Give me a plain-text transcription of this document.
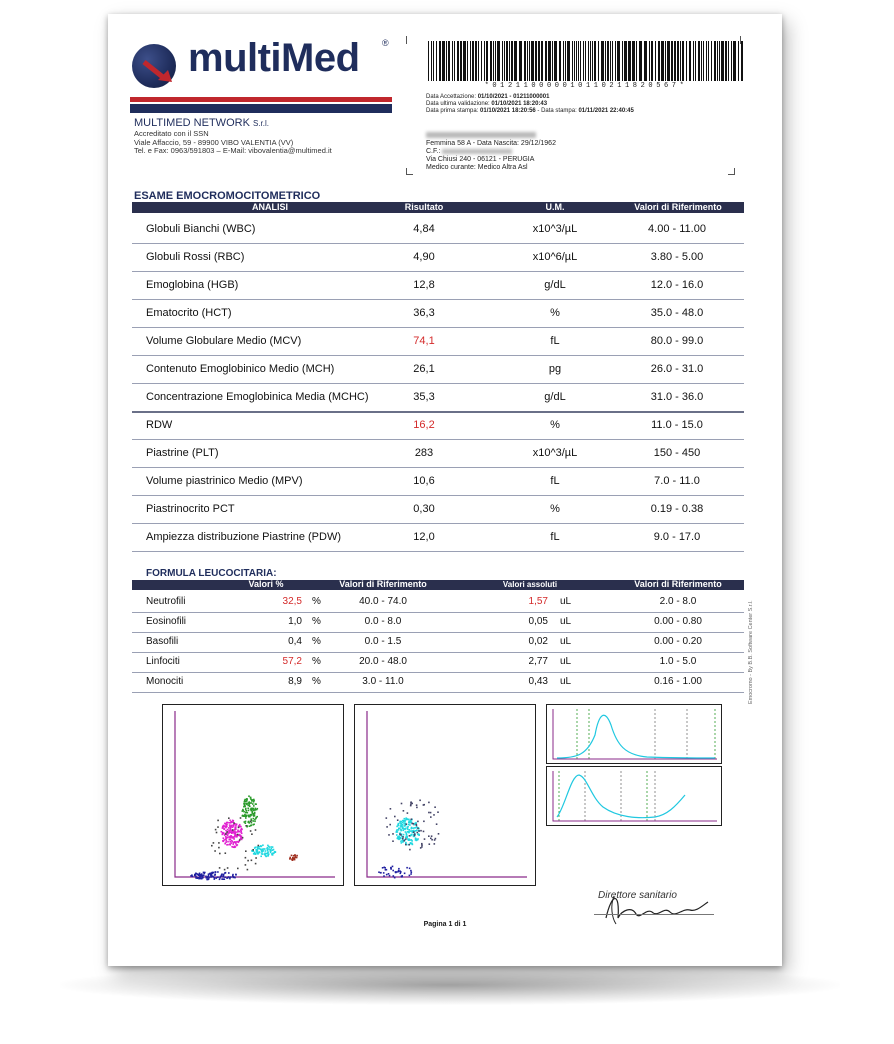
multiMed ®
MULTIMED NETWORK S.r.l.
Accreditato con il SSN
Viale Affaccio, 59 - 89900 VIBO VALENTIA (VV)
Tel. e Fax: 0963/591803 – E-Mail: vibovalentia@multimed.it
*012110000010110211820567*
Data Accettazione: 01/10/2021 - 01211000001
Data ultima validazione: 01/10/2021 18:20:43
Data prima stampa: 01/10/2021 18:20:56 - Data stampa: 01/11/2021 22:40:45
Femmina 58 A - Data Nascita: 29/12/1962
C.F.:
Via Chiusi 240 - 06121 - PERUGIA
Medico curante: Medico Altra Asl
ESAME EMOCROMOCITOMETRICO
ANALISI	Risultato	U.M.	Valori di Riferimento
Globuli Bianchi (WBC)	4,84	x10^3/µL	4.00 - 11.00
Globuli Rossi (RBC)	4,90	x10^6/µL	3.80 - 5.00
Emoglobina (HGB)	12,8	g/dL	12.0 - 16.0
Ematocrito (HCT)	36,3	%	35.0 - 48.0
Volume Globulare Medio (MCV)	74,1	fL	80.0 - 99.0
Contenuto Emoglobinico Medio (MCH)	26,1	pg	26.0 - 31.0
Concentrazione Emoglobinica Media (MCHC)	35,3	g/dL	31.0 - 36.0
RDW	16,2	%	11.0 - 15.0
Piastrine (PLT)	283	x10^3/µL	150 - 450
Volume piastrinico Medio (MPV)	10,6	fL	7.0 - 11.0
Piastrinocrito PCT	0,30	%	0.19 - 0.38
Ampiezza distribuzione Piastrine (PDW)	12,0	fL	9.0 - 17.0
FORMULA LEUCOCITARIA:
Valori %	Valori di Riferimento	Valori assoluti	Valori di Riferimento
Neutrofili	32,5 %	40.0 - 74.0	1,57 uL	2.0 - 8.0
Eosinofili	1,0 %	0.0 - 8.0	0,05 uL	0.00 - 0.80
Basofili	0,4 %	0.0 - 1.5	0,02 uL	0.00 - 0.20
Linfociti	57,2 %	20.0 - 48.0	2,77 uL	1.0 - 5.0
Monociti	8,9 %	3.0 - 11.0	0,43 uL	0.16 - 1.00	Emocromo - By B.B. Software Center S.r.l.
Direttore sanitario
Pagina 1 di 1
